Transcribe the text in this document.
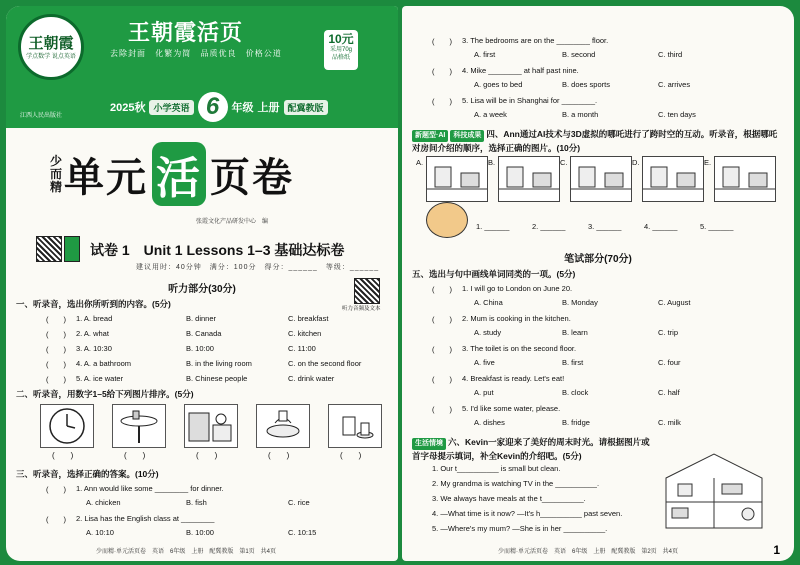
王朝霞
学点数学 说点英语
王朝霞活页
去除封面 化繁为简 品质优良 价格公道
10元
采用70g
品格纸
2025秋 小学英语 6	年级 上册 配冀教版
江西人民出版社
少而精 单元 活 页卷
张霞文化产品研发中心　编
试卷 1　Unit 1 Lessons 1–3 基础达标卷
建议用时：40分钟　满分：100分　得分：______　等级：______
听力音频及文本
听力部分(30分)
一、听录音，选出你所听到的内容。(5分)
(　　) 1. A. bread	B. dinner	C. breakfast
(　　) 2. A. what	B. Canada	C. kitchen
(　　) 3. A. 10:30	B. 10:00	C. 11:00
(　　) 4. A. a bathroom	B. in the living room	C. on the second floor
(　　) 5. A. ice water	B. Chinese people	C. drink water
二、听录音，用数字1–5给下列图片排序。(5分)
(　　)	(　　)	(　　)	(　　)	(　　)
三、听录音，选择正确的答案。(10分)
(　　) 1. Ann would like some ________ for dinner.
A. chicken	B. fish	C. rice
(　　) 2. Lisa has the English class at ________
A. 10:10	B. 10:00	C. 10:15
少而精·单元活页卷　英语　6年级　上册　配冀教版　第1页　共4页
(　　) 3. The bedrooms are on the ________ floor.
A. first	B. second	C. third
(　　) 4. Mike ________ at half past nine.
A. goes to bed	B. does sports	C. arrives
(　　) 5. Lisa will be in Shanghai for ________.
A. a week	B. a month	C. ten days
新题型·AI 科技成果 四、Ann通过AI技术与3D虚拟的哪吒进行了跨时空的互动。听录音，根据哪吒对房间介绍的顺序，选择正确的图片。(10分)
A.	B.	C.	D.	E.
1. ______	2. ______	3. ______	4. ______	5. ______
笔试部分(70分)
五、选出与句中画线单词同类的一项。(5分)
(　　) 1. I will go to London on June 20.
A. China	B. Monday	C. August
(　　) 2. Mum is cooking in the kitchen.
A. study	B. learn	C. trip
(　　) 3. The toilet is on the second floor.
A. five	B. first	C. four
(　　) 4. Breakfast is ready. Let's eat!
A. put	B. clock	C. half
(　　) 5. I'd like some water, please.
A. dishes	B. fridge	C. milk
生活情境 六、Kevin一家迎来了美好的周末时光。请根据图片或首字母提示填词，补全Kevin的介绍吧。(5分)
1. Our t__________ is small but clean.
2. My grandma is watching TV in the __________.
3. We always have meals at the t__________.
4. —What time is it now? —It's h__________ past seven.
5. —Where's my mum? —She is in her __________.
少而精·单元活页卷　英语　6年级　上册　配冀教版　第2页　共4页	1
